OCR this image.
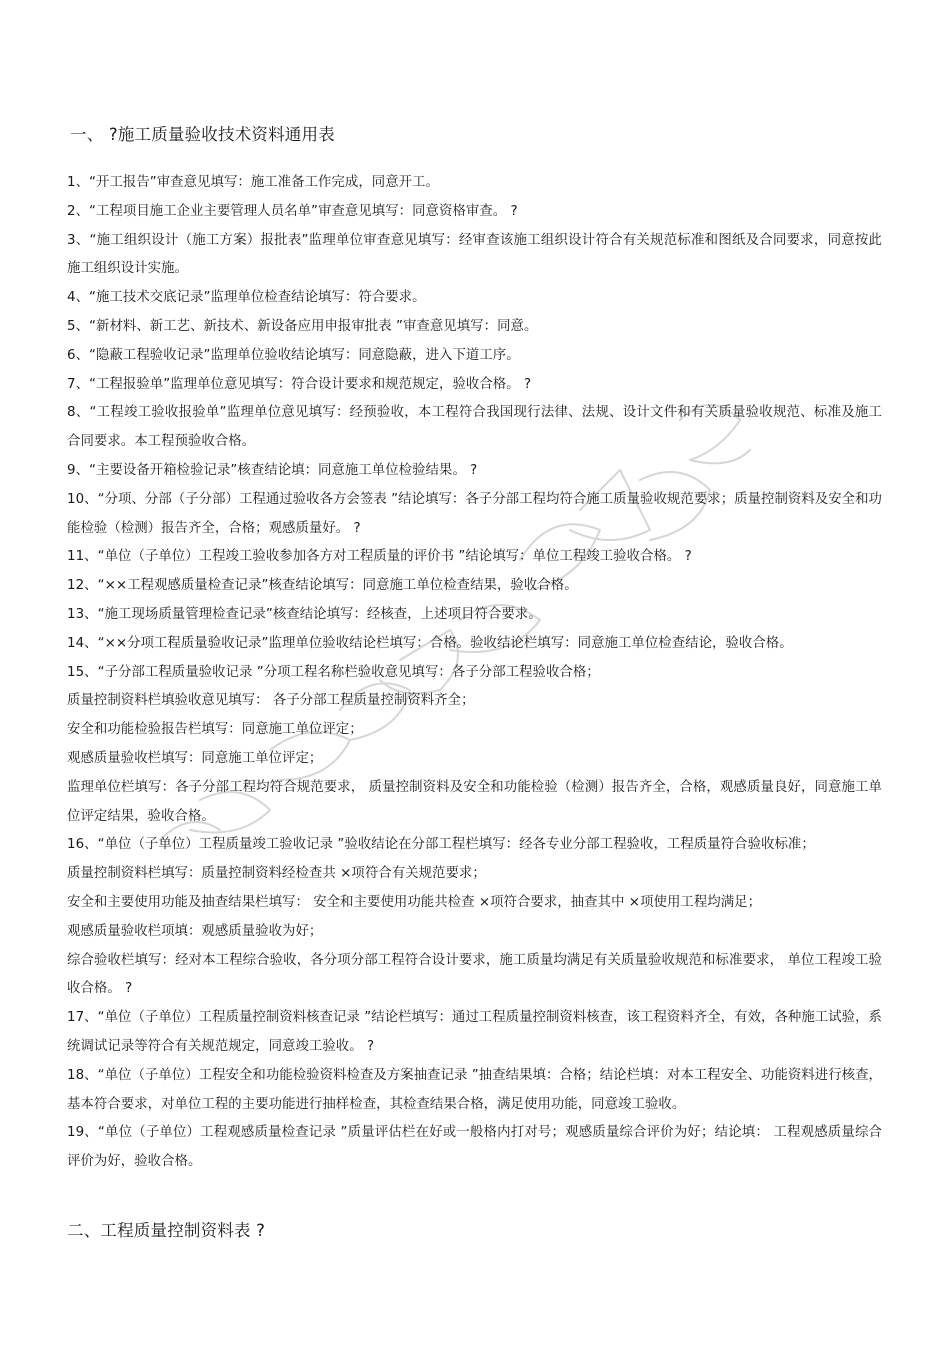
一、 ?施工质量验收技术资料通用表

1、“开工报告”审查意见填写：施工准备工作完成，同意开工。

2、“工程项目施工企业主要管理人员名单”审查意见填写：同意资格审查。 ?

3、“施工组织设计（施工方案）报批表”监理单位审查意见填写：经审查该施工组织设计符合有关规范标准和图纸及合同要求，同意按此施工组织设计实施。

4、“施工技术交底记录”监理单位检查结论填写：符合要求。

5、“新材料、新工艺、新技术、新设备应用申报审批表 ”审查意见填写：同意。

6、“隐蔽工程验收记录”监理单位验收结论填写：同意隐蔽，进入下道工序。

7、“工程报验单”监理单位意见填写：符合设计要求和规范规定，验收合格。 ?

8、“工程竣工验收报验单”监理单位意见填写：经预验收，本工程符合我国现行法律、法规、设计文件和有关质量验收规范、标准及施工合同要求。本工程预验收合格。

9、“主要设备开箱检验记录”核查结论填：同意施工单位检验结果。 ?

10、“分项、分部（子分部）工程通过验收各方会签表 ”结论填写：各子分部工程均符合施工质量验收规范要求；质量控制资料及安全和功能检验（检测）报告齐全，合格；观感质量好。 ?

11、“单位（子单位）工程竣工验收参加各方对工程质量的评价书 ”结论填写：单位工程竣工验收合格。 ?

12、“××工程观感质量检查记录”核查结论填写：同意施工单位检查结果，验收合格。

13、“施工现场质量管理检查记录”核查结论填写：经核查，上述项目符合要求。

14、“××分项工程质量验收记录”监理单位验收结论栏填写：合格。验收结论栏填写：同意施工单位检查结论，验收合格。

15、“子分部工程质量验收记录 ”分项工程名称栏验收意见填写：各子分部工程验收合格；

质量控制资料栏填验收意见填写： 各子分部工程质量控制资料齐全；

安全和功能检验报告栏填写：同意施工单位评定；

观感质量验收栏填写：同意施工单位评定；

监理单位栏填写：各子分部工程均符合规范要求， 质量控制资料及安全和功能检验（检测）报告齐全，合格，观感质量良好，同意施工单位评定结果，验收合格。

16、“单位（子单位）工程质量竣工验收记录 ”验收结论在分部工程栏填写：经各专业分部工程验收，工程质量符合验收标准；

质量控制资料栏填写：质量控制资料经检查共 ×项符合有关规范要求；

安全和主要使用功能及抽查结果栏填写： 安全和主要使用功能共检查 ×项符合要求，抽查其中 ×项使用工程均满足；

观感质量验收栏项填：观感质量验收为好；

综合验收栏填写：经对本工程综合验收，各分项分部工程符合设计要求，施工质量均满足有关质量验收规范和标准要求， 单位工程竣工验收合格。 ?

17、“单位（子单位）工程质量控制资料核查记录 ”结论栏填写：通过工程质量控制资料核查，该工程资料齐全，有效，各种施工试验，系统调试记录等符合有关规范规定，同意竣工验收。 ?

18、“单位（子单位）工程安全和功能检验资料检查及方案抽查记录 ”抽查结果填：合格；结论栏填：对本工程安全、功能资料进行核查，基本符合要求，对单位工程的主要功能进行抽样检查，其检查结果合格，满足使用功能，同意竣工验收。

19、“单位（子单位）工程观感质量检查记录 ”质量评估栏在好或一般格内打对号；观感质量综合评价为好；结论填： 工程观感质量综合评价为好，验收合格。

二、工程质量控制资料表 ?
